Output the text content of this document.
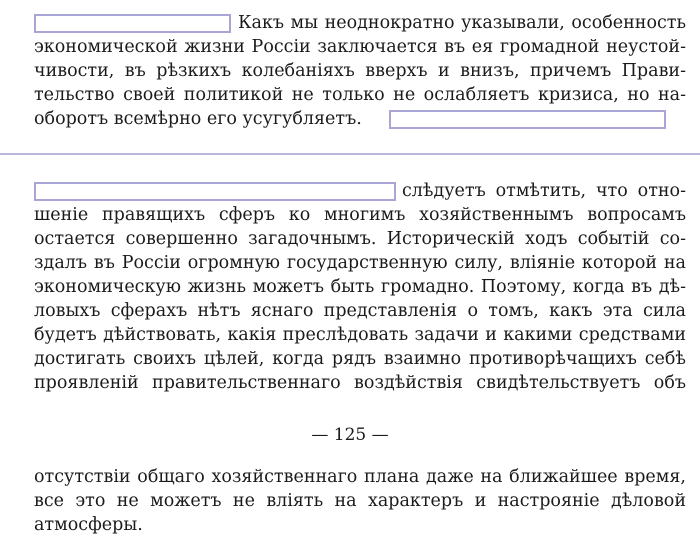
Какъ мы неоднократно указывали, особенность
экономической жизни Россiи заключается въ ея громадной неустой-
чивости, въ рѣзкихъ колебанiяхъ вверхъ и внизъ, причемъ Прави-
тельство своей политикой не только не ослабляетъ кризиса, но на-
оборотъ всемѣрно его усугубляетъ.
слѣдуетъ отмѣтить, что отно-
шенiе правящихъ сферъ ко многимъ хозяйственнымъ вопросамъ
остается совершенно загадочнымъ. Историческiй ходъ событiй со-
здалъ въ Россiи огромную государственную силу, влiянiе которой на
экономическую жизнь можетъ быть громадно. Поэтому, когда въ дѣ-
ловыхъ сферахъ нѣтъ яснаго представленiя о томъ, какъ эта сила
будетъ дѣйствовать, какiя преслѣдовать задачи и какими средствами
достигать своихъ цѣлей, когда рядъ взаимно противорѣчащихъ себѣ
проявленiй правительственнаго воздѣйствiя свидѣтельствуетъ объ
— 125 —
отсутствiи общаго хозяйственнаго плана даже на ближайшее время,
все это не можетъ не влiять на характеръ и настроянiе дѣловой
атмосферы.
